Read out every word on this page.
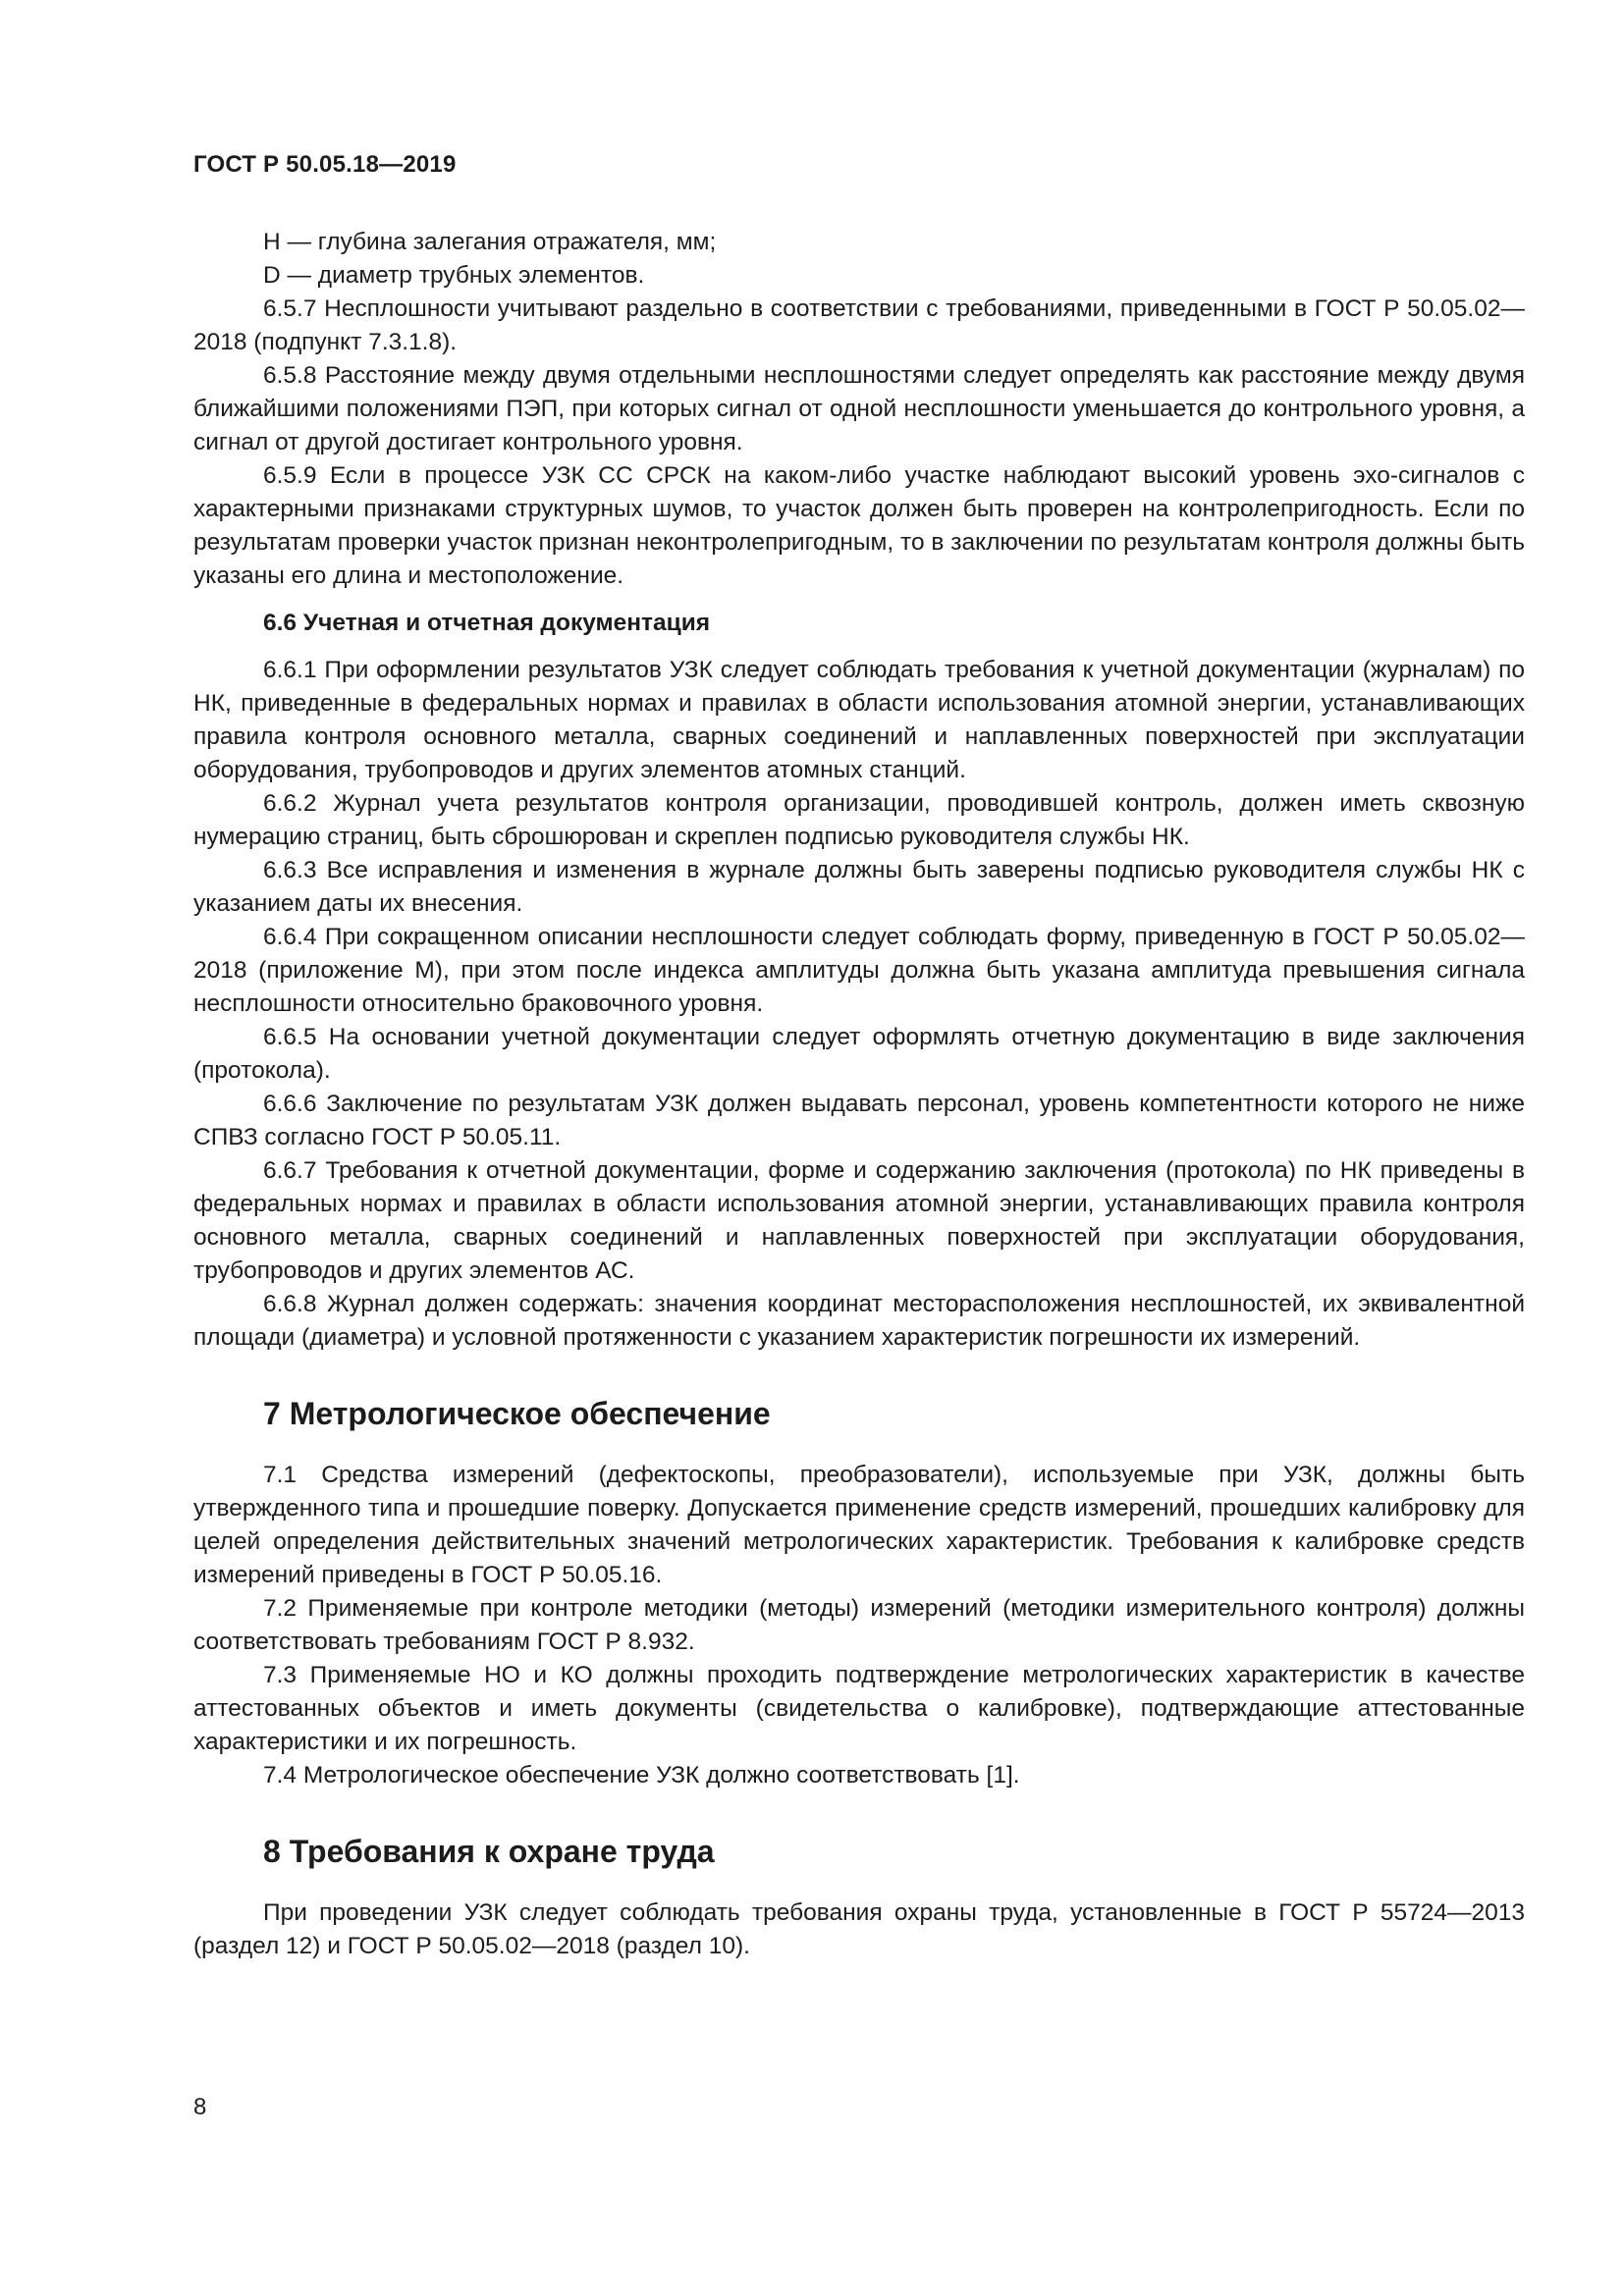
ГОСТ Р 50.05.18—2019

H — глубина залегания отражателя, мм;

D — диаметр трубных элементов.

6.5.7 Несплошности учитывают раздельно в соответствии с требованиями, приведенными в ГОСТ Р 50.05.02—2018 (подпункт 7.3.1.8).

6.5.8 Расстояние между двумя отдельными несплошностями следует определять как расстояние между двумя ближайшими положениями ПЭП, при которых сигнал от одной несплошности уменьшается до контрольного уровня, а сигнал от другой достигает контрольного уровня.

6.5.9 Если в процессе УЗК СС СРСК на каком-либо участке наблюдают высокий уровень эхо-сигналов с характерными признаками структурных шумов, то участок должен быть проверен на контролепригодность. Если по результатам проверки участок признан неконтролепригодным, то в заключении по результатам контроля должны быть указаны его длина и местоположение.

6.6 Учетная и отчетная документация

6.6.1 При оформлении результатов УЗК следует соблюдать требования к учетной документации (журналам) по НК, приведенные в федеральных нормах и правилах в области использования атомной энергии, устанавливающих правила контроля основного металла, сварных соединений и наплавленных поверхностей при эксплуатации оборудования, трубопроводов и других элементов атомных станций.

6.6.2 Журнал учета результатов контроля организации, проводившей контроль, должен иметь сквозную нумерацию страниц, быть сброшюрован и скреплен подписью руководителя службы НК.

6.6.3 Все исправления и изменения в журнале должны быть заверены подписью руководителя службы НК с указанием даты их внесения.

6.6.4 При сокращенном описании несплошности следует соблюдать форму, приведенную в ГОСТ Р 50.05.02—2018 (приложение М), при этом после индекса амплитуды должна быть указана амплитуда превышения сигнала несплошности относительно браковочного уровня.

6.6.5 На основании учетной документации следует оформлять отчетную документацию в виде заключения (протокола).

6.6.6 Заключение по результатам УЗК должен выдавать персонал, уровень компетентности которого не ниже СПВЗ согласно ГОСТ Р 50.05.11.

6.6.7 Требования к отчетной документации, форме и содержанию заключения (протокола) по НК приведены в федеральных нормах и правилах в области использования атомной энергии, устанавливающих правила контроля основного металла, сварных соединений и наплавленных поверхностей при эксплуатации оборудования, трубопроводов и других элементов АС.

6.6.8 Журнал должен содержать: значения координат месторасположения несплошностей, их эквивалентной площади (диаметра) и условной протяженности с указанием характеристик погрешности их измерений.

7 Метрологическое обеспечение

7.1 Средства измерений (дефектоскопы, преобразователи), используемые при УЗК, должны быть утвержденного типа и прошедшие поверку. Допускается применение средств измерений, прошедших калибровку для целей определения действительных значений метрологических характеристик. Требования к калибровке средств измерений приведены в ГОСТ Р 50.05.16.

7.2 Применяемые при контроле методики (методы) измерений (методики измерительного контроля) должны соответствовать требованиям ГОСТ Р 8.932.

7.3 Применяемые НО и КО должны проходить подтверждение метрологических характеристик в качестве аттестованных объектов и иметь документы (свидетельства о калибровке), подтверждающие аттестованные характеристики и их погрешность.

7.4 Метрологическое обеспечение УЗК должно соответствовать [1].

8 Требования к охране труда

При проведении УЗК следует соблюдать требования охраны труда, установленные в ГОСТ Р 55724—2013 (раздел 12) и ГОСТ Р 50.05.02—2018 (раздел 10).

8
